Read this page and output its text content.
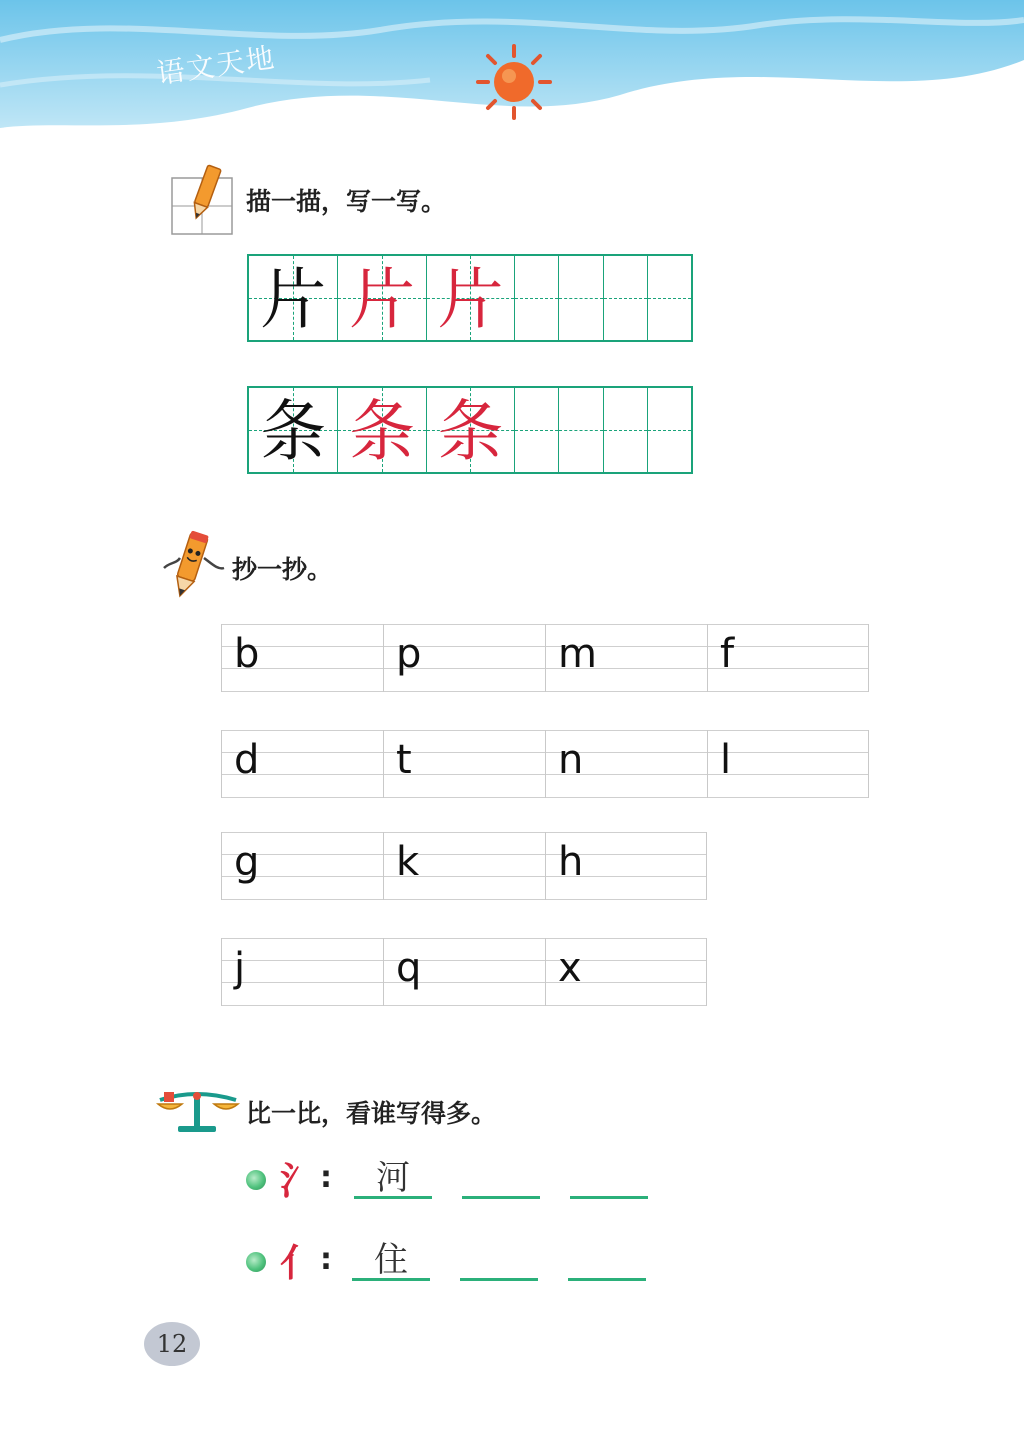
语文天地
描一描，写一写。
片 片 片
条 条 条
抄一抄。
b	p	m	f
d	t	n	l
g	k	h
j	q	x
比一比，看谁写得多。
氵 :	河
亻 :	住
12
